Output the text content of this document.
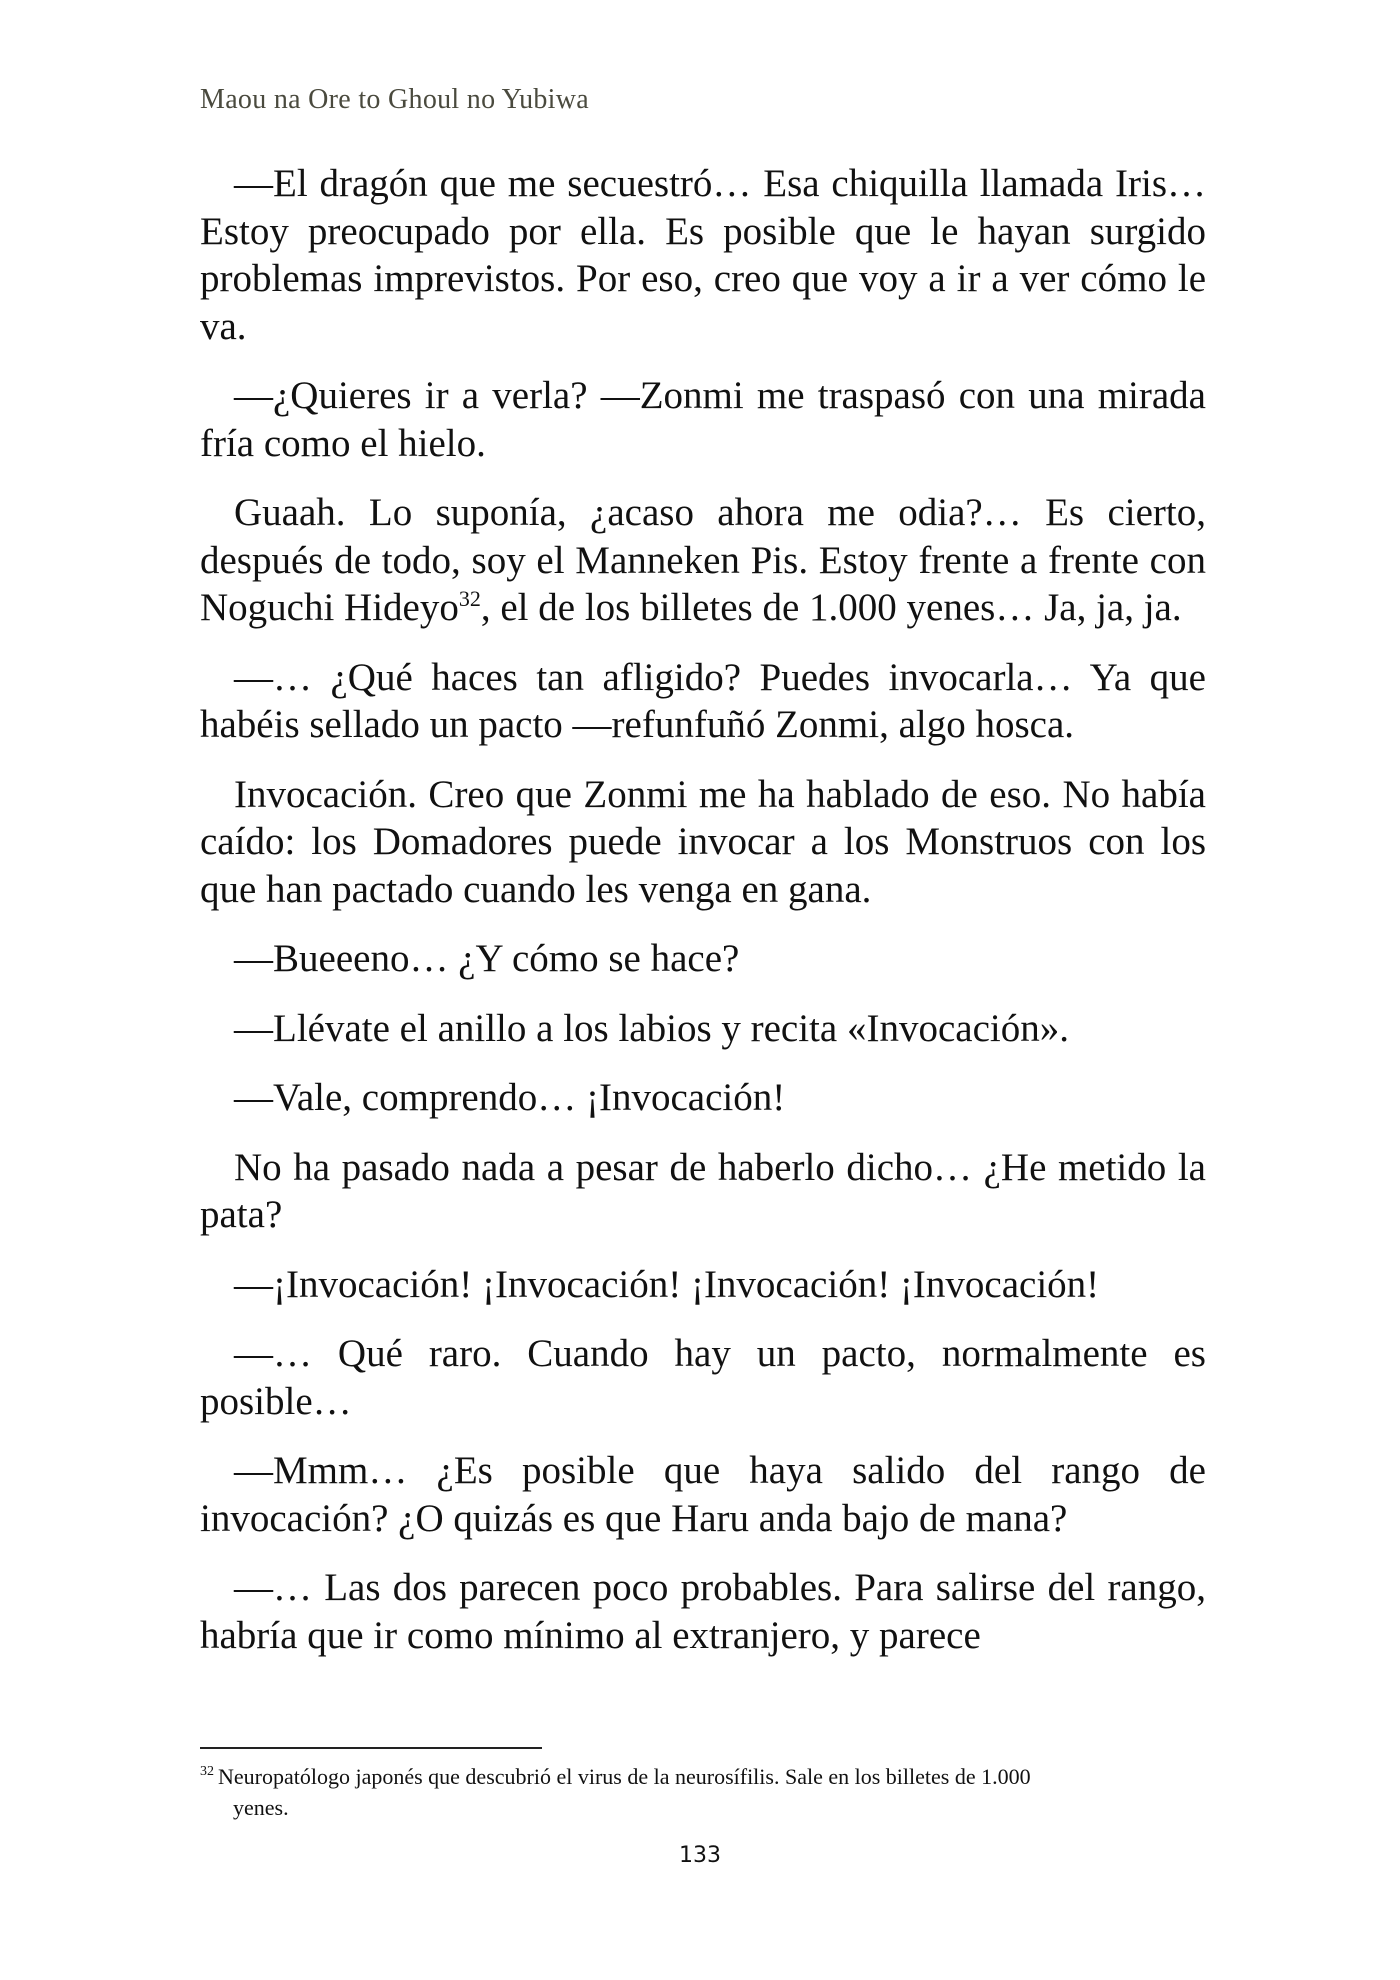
Maou na Ore to Ghoul no Yubiwa

—El dragón que me secuestró… Esa chiquilla llamada Iris… Estoy preocupado por ella. Es posible que le hayan surgido problemas imprevistos. Por eso, creo que voy a ir a ver cómo le va.

—¿Quieres ir a verla? —Zonmi me traspasó con una mirada fría como el hielo.

Guaah. Lo suponía, ¿acaso ahora me odia?… Es cierto, después de todo, soy el Manneken Pis. Estoy frente a frente con Noguchi Hideyo$^{32}$, el de los billetes de 1.000 yenes… Ja, ja, ja.

—… ¿Qué haces tan afligido? Puedes invocarla… Ya que habéis sellado un pacto —refunfuñó Zonmi, algo hosca.

Invocación. Creo que Zonmi me ha hablado de eso. No había caído: los Domadores puede invocar a los Monstruos con los que han pactado cuando les venga en gana.

—Bueeeno… ¿Y cómo se hace?

—Llévate el anillo a los labios y recita «Invocación».

—Vale, comprendo… ¡Invocación!

No ha pasado nada a pesar de haberlo dicho… ¿He metido la pata?

—¡Invocación! ¡Invocación! ¡Invocación! ¡Invocación!

—… Qué raro. Cuando hay un pacto, normalmente es posible…

—Mmm… ¿Es posible que haya salido del rango de invocación? ¿O quizás es que Haru anda bajo de mana?

—… Las dos parecen poco probables. Para salirse del rango, habría que ir como mínimo al extranjero, y parece

$^{32}$ Neuropatólogo japonés que descubrió el virus de la neurosífilis. Sale en los billetes de 1.000
yenes.
133
